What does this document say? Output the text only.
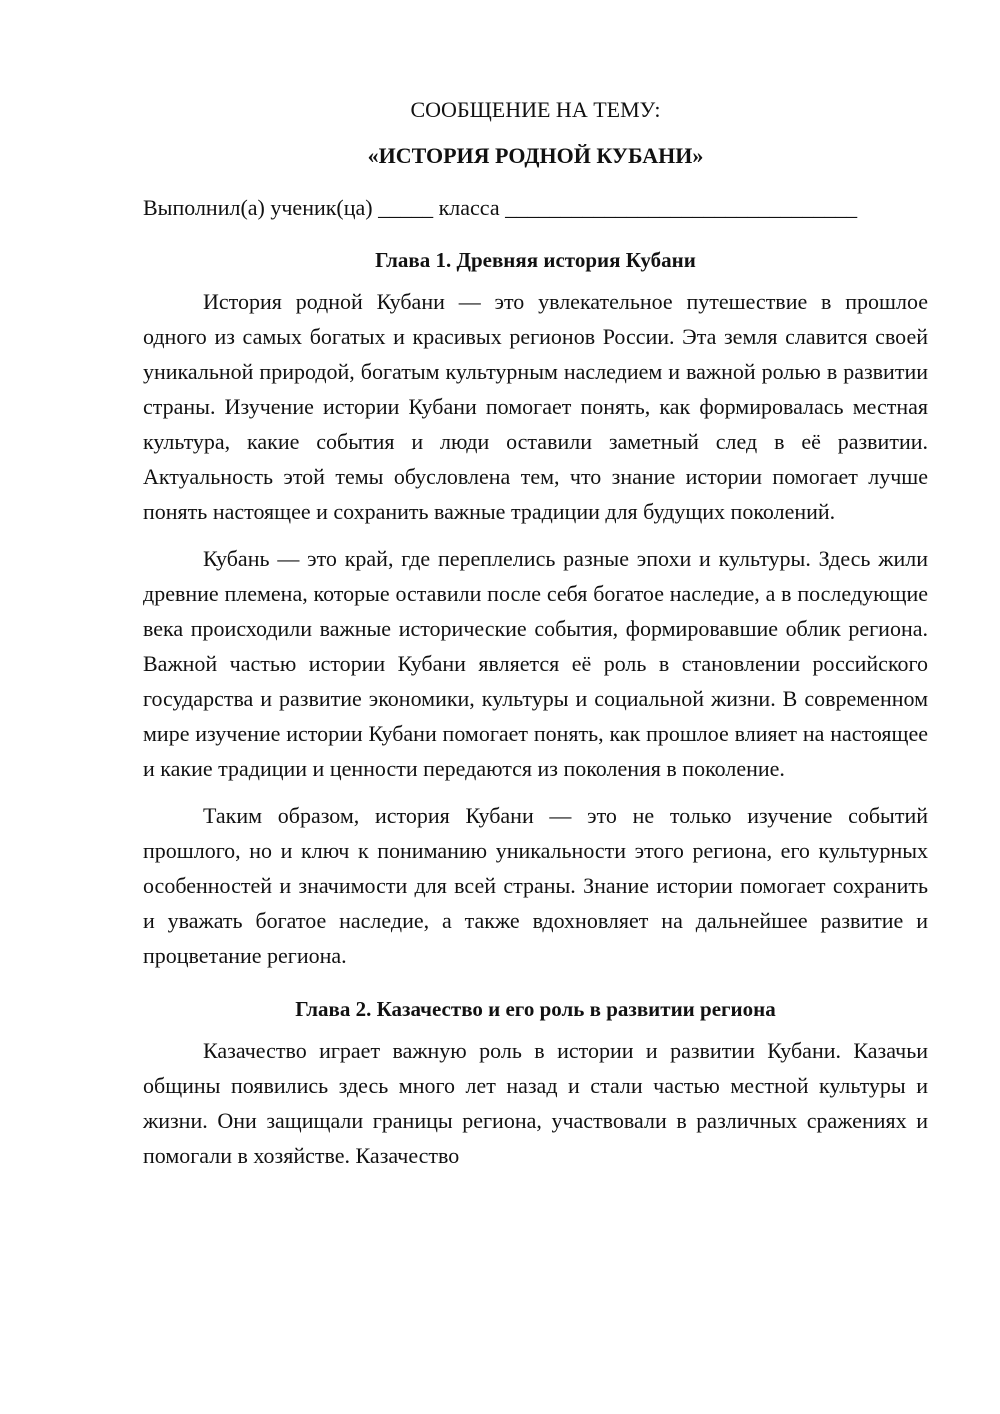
СООБЩЕНИЕ НА ТЕМУ:

«ИСТОРИЯ РОДНОЙ КУБАНИ»

Выполнил(а) ученик(ца) _____ класса ________________________________

Глава 1. Древняя история Кубани

История родной Кубани — это увлекательное путешествие в прошлое одного из самых богатых и красивых регионов России. Эта земля славится своей уникальной природой, богатым культурным наследием и важной ролью в развитии страны. Изучение истории Кубани помогает понять, как формировалась местная культура, какие события и люди оставили заметный след в её развитии. Актуальность этой темы обусловлена тем, что знание истории помогает лучше понять настоящее и сохранить важные традиции для будущих поколений.

Кубань — это край, где переплелись разные эпохи и культуры. Здесь жили древние племена, которые оставили после себя богатое наследие, а в последующие века происходили важные исторические события, формировавшие облик региона. Важной частью истории Кубани является её роль в становлении российского государства и развитие экономики, культуры и социальной жизни. В современном мире изучение истории Кубани помогает понять, как прошлое влияет на настоящее и какие традиции и ценности передаются из поколения в поколение.

Таким образом, история Кубани — это не только изучение событий прошлого, но и ключ к пониманию уникальности этого региона, его культурных особенностей и значимости для всей страны. Знание истории помогает сохранить и уважать богатое наследие, а также вдохновляет на дальнейшее развитие и процветание региона.

Глава 2. Казачество и его роль в развитии региона

Казачество играет важную роль в истории и развитии Кубани. Казачьи общины появились здесь много лет назад и стали частью местной культуры и жизни. Они защищали границы региона, участвовали в различных сражениях и помогали в хозяйстве. Казачество
